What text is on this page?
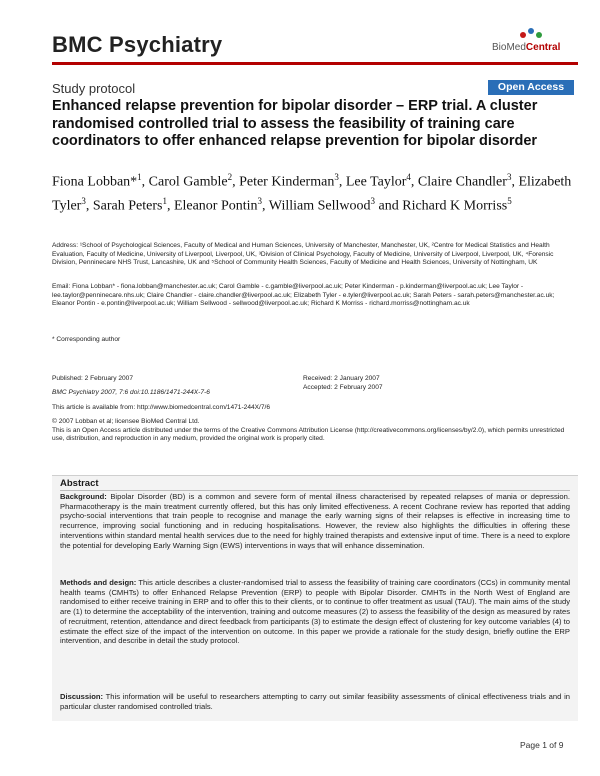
BMC Psychiatry	BioMedCentral
Study protocol	Open Access
Enhanced relapse prevention for bipolar disorder – ERP trial. A cluster randomised controlled trial to assess the feasibility of training care coordinators to offer enhanced relapse prevention for bipolar disorder
Fiona Lobban*$^1$, Carol Gamble$^2$, Peter Kinderman$^3$, Lee Taylor$^4$, Claire Chandler$^3$, Elizabeth Tyler$^3$, Sarah Peters$^1$, Eleanor Pontin$^3$, William Sellwood$^3$ and Richard K Morriss$^5$
Address: ¹School of Psychological Sciences, Faculty of Medical and Human Sciences, University of Manchester, Manchester, UK, ²Centre for Medical Statistics and Health Evaluation, Faculty of Medicine, University of Liverpool, Liverpool, UK, ³Division of Clinical Psychology, Faculty of Medicine, University of Liverpool, Liverpool, UK, ⁴Forensic Division, Penninecare NHS Trust, Lancashire, UK and ⁵School of Community Health Sciences, Faculty of Medicine and Health Sciences, University of Nottingham, UK
Email: Fiona Lobban* - fiona.lobban@manchester.ac.uk; Carol Gamble - c.gamble@liverpool.ac.uk; Peter Kinderman - p.kinderman@liverpool.ac.uk; Lee Taylor - lee.taylor@penninecare.nhs.uk; Claire Chandler - claire.chandler@liverpool.ac.uk; Elizabeth Tyler - e.tyler@liverpool.ac.uk; Sarah Peters - sarah.peters@manchester.ac.uk; Eleanor Pontin - e.pontin@liverpool.ac.uk; William Sellwood - sellwood@liverpool.ac.uk; Richard K Morriss - richard.morriss@nottingham.ac.uk
* Corresponding author
Published: 2 February 2007
BMC Psychiatry 2007, 7:6 doi:10.1186/1471-244X-7-6
Received: 2 January 2007
Accepted: 2 February 2007
This article is available from: http://www.biomedcentral.com/1471-244X/7/6
© 2007 Lobban et al; licensee BioMed Central Ltd.
This is an Open Access article distributed under the terms of the Creative Commons Attribution License (http://creativecommons.org/licenses/by/2.0), which permits unrestricted use, distribution, and reproduction in any medium, provided the original work is properly cited.
Abstract
Background: Bipolar Disorder (BD) is a common and severe form of mental illness characterised by repeated relapses of mania or depression. Pharmacotherapy is the main treatment currently offered, but this has only limited effectiveness. A recent Cochrane review has reported that adding psycho-social interventions that train people to recognise and manage the early warning signs of their relapses is effective in increasing time to recurrence, improving social functioning and in reducing hospitalisations. However, the review also highlights the difficulties in offering these interventions within standard mental health services due to the need for highly trained therapists and extensive input of time. There is a need to explore the potential for developing Early Warning Sign (EWS) interventions in ways that will enhance dissemination.
Methods and design: This article describes a cluster-randomised trial to assess the feasibility of training care coordinators (CCs) in community mental health teams (CMHTs) to offer Enhanced Relapse Prevention (ERP) to people with Bipolar Disorder. CMHTs in the North West of England are randomised to either receive training in ERP and to offer this to their clients, or to continue to offer treatment as usual (TAU). The main aims of the study are (1) to determine the acceptability of the intervention, training and outcome measures (2) to assess the feasibility of the design as measured by rates of recruitment, retention, attendance and direct feedback from participants (3) to estimate the design effect of clustering for key outcome variables (4) to estimate the effect size of the impact of the intervention on outcome. In this paper we provide a rationale for the study design, briefly outline the ERP intervention, and describe in detail the study protocol.
Discussion: This information will be useful to researchers attempting to carry out similar feasibility assessments of clinical effectiveness trials and in particular cluster randomised controlled trials.
Page 1 of 9
